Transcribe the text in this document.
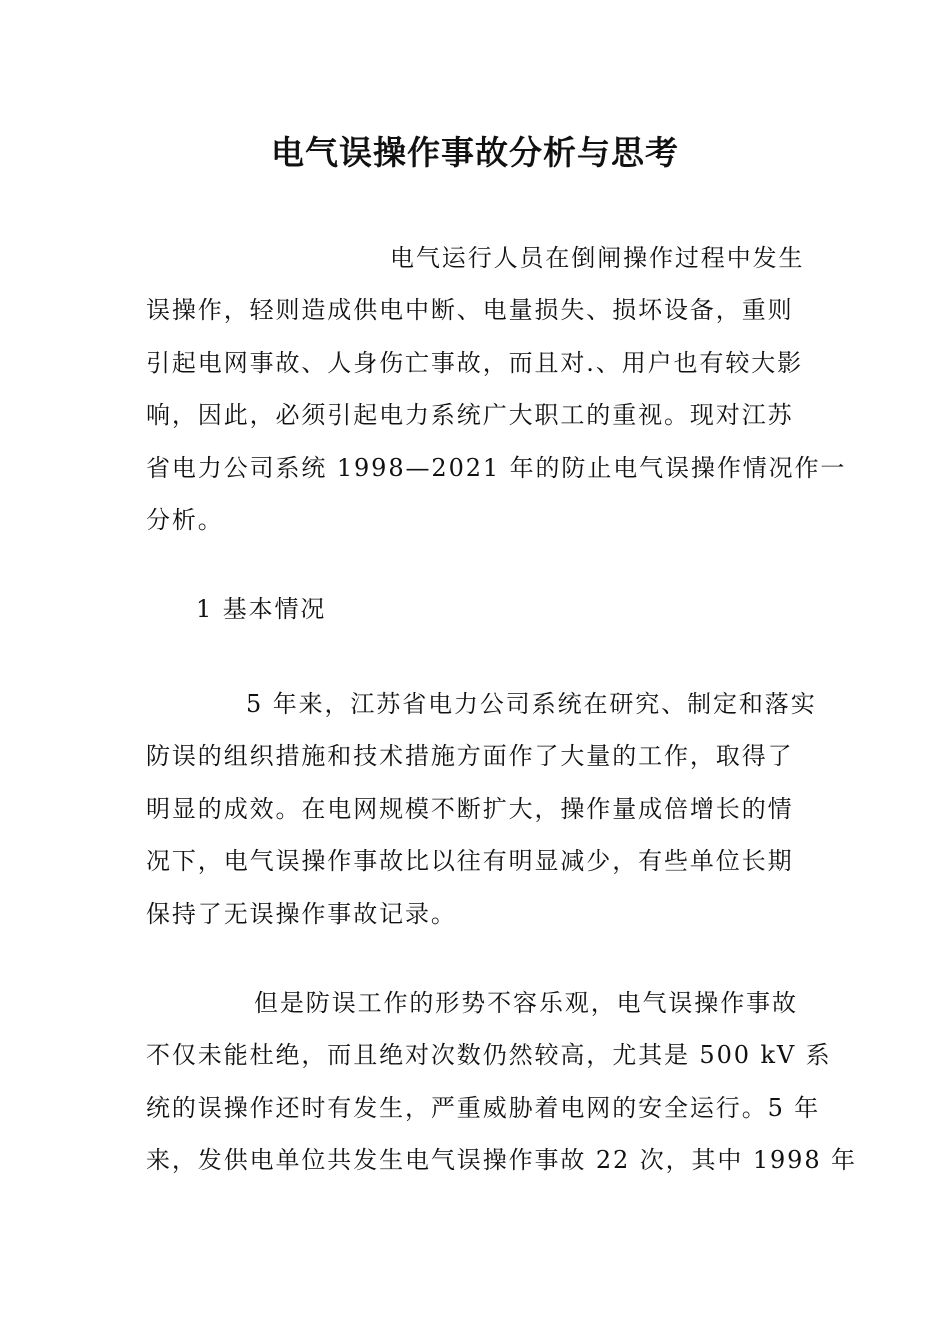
电气误操作事故分析与思考
电气运行人员在倒闸操作过程中发生
误操作，轻则造成供电中断、电量损失、损坏设备，重则
引起电网事故、人身伤亡事故，而且对.、用户也有较大影
响，因此，必须引起电力系统广大职工的重视。现对江苏
省电力公司系统 1998—2021 年的防止电气误操作情况作一
分析。
1 基本情况
5 年来，江苏省电力公司系统在研究、制定和落实
防误的组织措施和技术措施方面作了大量的工作，取得了
明显的成效。在电网规模不断扩大，操作量成倍增长的情
况下，电气误操作事故比以往有明显减少，有些单位长期
保持了无误操作事故记录。
但是防误工作的形势不容乐观，电气误操作事故
不仅未能杜绝，而且绝对次数仍然较高，尤其是 500 kV 系
统的误操作还时有发生，严重威胁着电网的安全运行。5 年
来，发供电单位共发生电气误操作事故 22 次，其中 1998 年
